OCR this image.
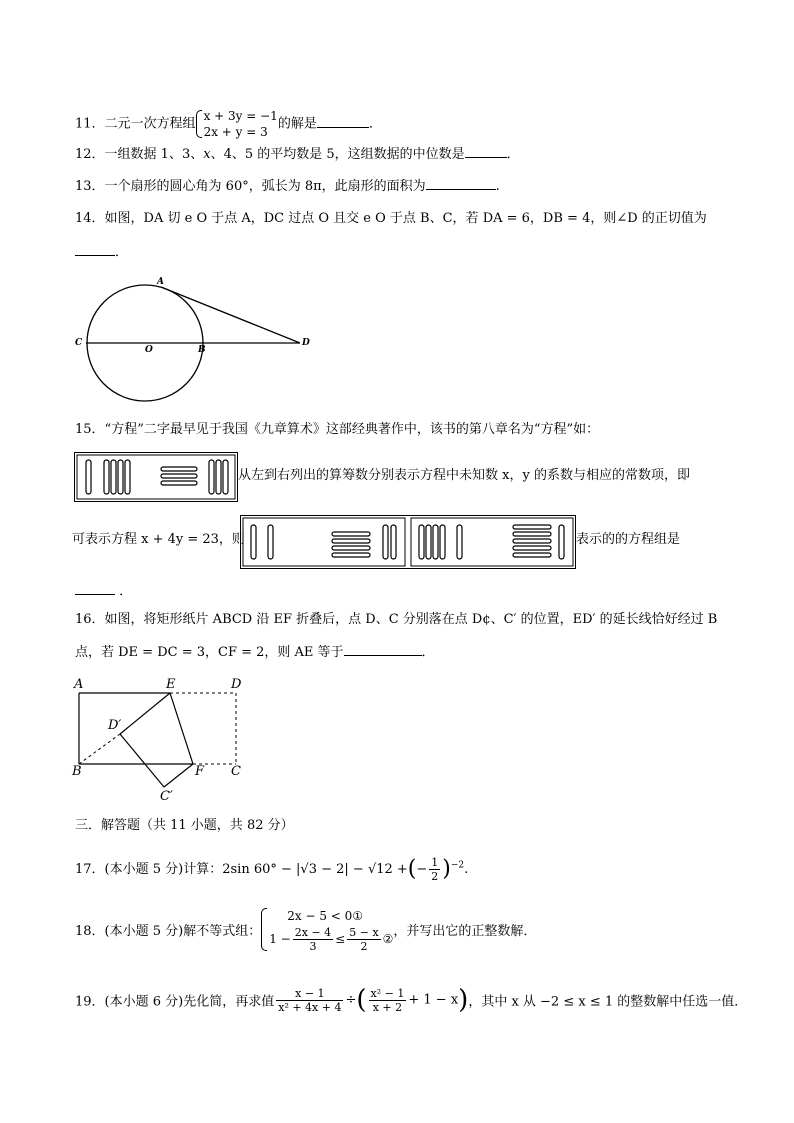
11．二元一次方程组
x + 3y = −1
2x + y = 3
的解是	．
12．一组数据 1、3、x、4、5 的平均数是 5，这组数据的中位数是	．
13．一个扇形的圆心角为 60°，弧长为 8π，此扇形的面积为	.
14．如图，DA 切 e O 于点 A，DC 过点 O 且交 e O 于点 B、C，若 DA = 6，DB = 4，则∠D 的正切值为
．
A
C
O	B
D
15．“方程”二字最早见于我国《九章算术》这部经典著作中，该书的第八章名为“方程”如：
从左到右列出的算筹数分别表示方程中未知数 x，y 的系数与相应的常数项，即
可表示方程 x + 4y = 23，则	表示的的方程组是
．
16．如图，将矩形纸片 ABCD 沿 EF 折叠后，点 D、C 分别落在点 D¢、C′ 的位置，ED′ 的延长线恰好经过 B
点，若 DE = DC = 3，CF = 2，则 AE 等于	．
A	E	D
D′
B	F C
C′
三．解答题（共 11 小题，共 82 分）
17．(本小题 5 分)计算：2sin 60° − |√3 − 2| − √12 +(− $\frac{1}{2} )^{-2}$.
18．(本小题 5 分)解不等式组：
2x − 5 < 0①
$1 - \frac{2x - 4}{3} \le \frac{5 - x}{2}$ ② ，并写出它的正整数解．
19．(本小题 6 分)先化简，再求值 $\frac{x - 1}{\text{x² + 4x + 4}}$ ÷( $\frac{\text{x² − 1}}{x + 2} + 1 - x$)，其中 x 从 −2 ≤ x ≤ 1 的整数解中任选一值．
